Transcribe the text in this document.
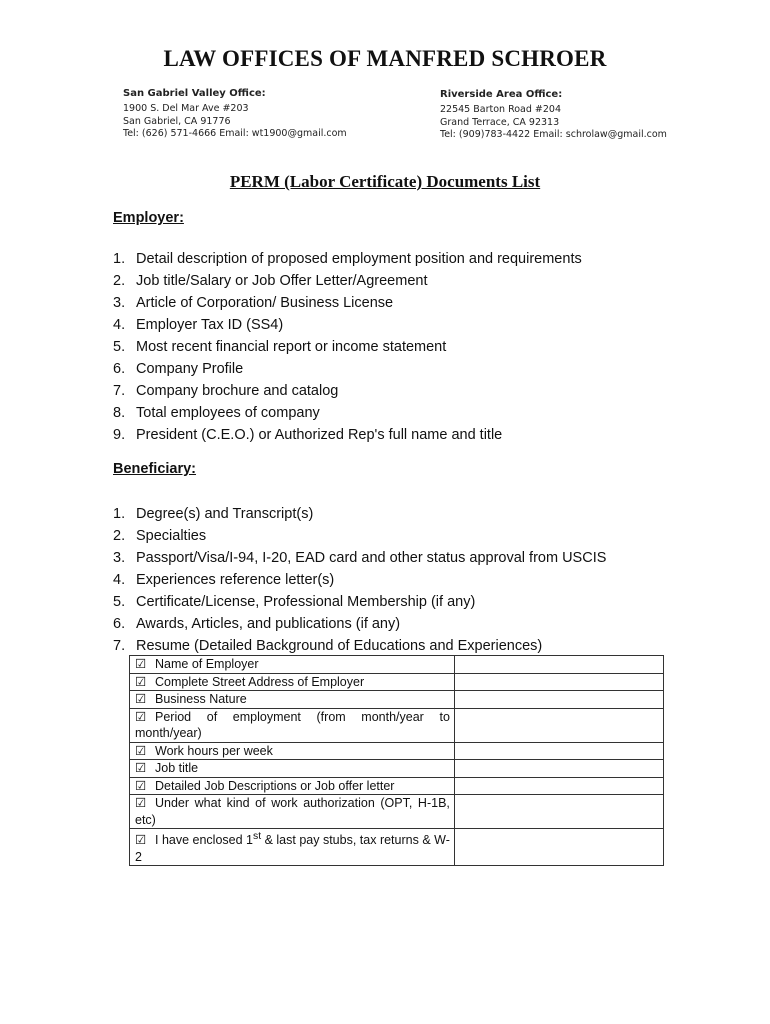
LAW OFFICES OF MANFRED SCHROER
San Gabriel Valley Office:
1900 S. Del Mar Ave #203
San Gabriel, CA 91776
Tel: (626) 571-4666 Email: wt1900@gmail.com
Riverside Area Office:
22545 Barton Road #204
Grand Terrace, CA 92313
Tel: (909)783-4422 Email: schrolaw@gmail.com
PERM (Labor Certificate) Documents List
Employer:
1. Detail description of proposed employment position and requirements
2. Job title/Salary or Job Offer Letter/Agreement
3. Article of Corporation/ Business License
4. Employer Tax ID (SS4)
5. Most recent financial report or income statement
6. Company Profile
7. Company brochure and catalog
8. Total employees of company
9. President (C.E.O.) or Authorized Rep's full name and title
Beneficiary:
1. Degree(s) and Transcript(s)
2. Specialties
3. Passport/Visa/I-94, I-20, EAD card and other status approval from USCIS
4. Experiences reference letter(s)
5. Certificate/License, Professional Membership (if any)
6. Awards, Articles, and publications (if any)
7. Resume (Detailed Background of Educations and Experiences)
☑ Name of Employer	
☑ Complete Street Address of Employer	
☑ Business Nature	
☑ Period of employment (from month/year to month/year)	
☑ Work hours per week	
☑ Job title	
☑ Detailed Job Descriptions or Job offer letter	
☑ Under what kind of work authorization (OPT, H-1B, etc)	
☑ I have enclosed 1st & last pay stubs, tax returns & W-2	
